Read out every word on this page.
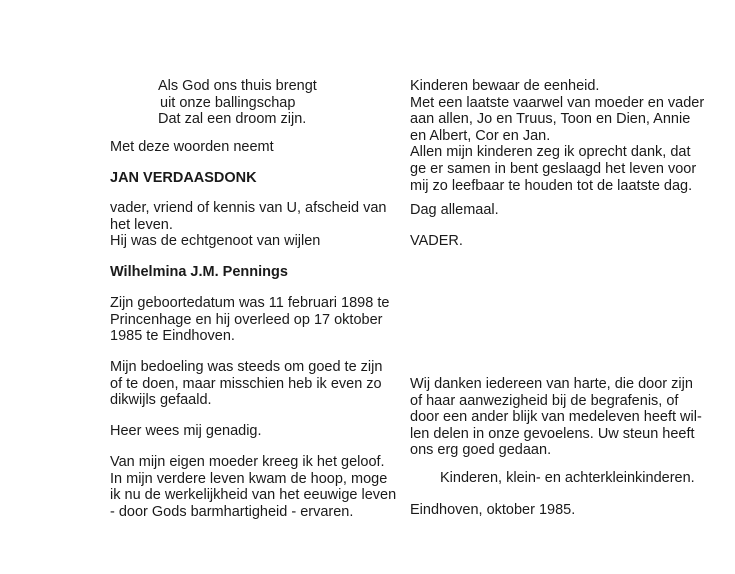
Als God ons thuis brengt
uit onze ballingschap
Dat zal een droom zijn.
Met deze woorden neemt
JAN VERDAASDONK
vader, vriend of kennis van U, afscheid van
het leven.
Hij was de echtgenoot van wijlen
Wilhelmina J.M. Pennings
Zijn geboortedatum was 11 februari 1898 te
Princenhage en hij overleed op 17 oktober
1985 te Eindhoven.
Mijn bedoeling was steeds om goed te zijn
of te doen, maar misschien heb ik even zo
dikwijls gefaald.
Heer wees mij genadig.
Van mijn eigen moeder kreeg ik het geloof.
In mijn verdere leven kwam de hoop, moge
ik nu de werkelijkheid van het eeuwige leven
- door Gods barmhartigheid - ervaren.
Kinderen bewaar de eenheid.
Met een laatste vaarwel van moeder en vader
aan allen, Jo en Truus, Toon en Dien, Annie
en Albert, Cor en Jan.
Allen mijn kinderen zeg ik oprecht dank, dat
ge er samen in bent geslaagd het leven voor
mij zo leefbaar te houden tot de laatste dag.
Dag allemaal.
VADER.
Wij danken iedereen van harte, die door zijn
of haar aanwezigheid bij de begrafenis, of
door een ander blijk van medeleven heeft wil-
len delen in onze gevoelens. Uw steun heeft
ons erg goed gedaan.
Kinderen, klein- en achterkleinkinderen.
Eindhoven, oktober 1985.
